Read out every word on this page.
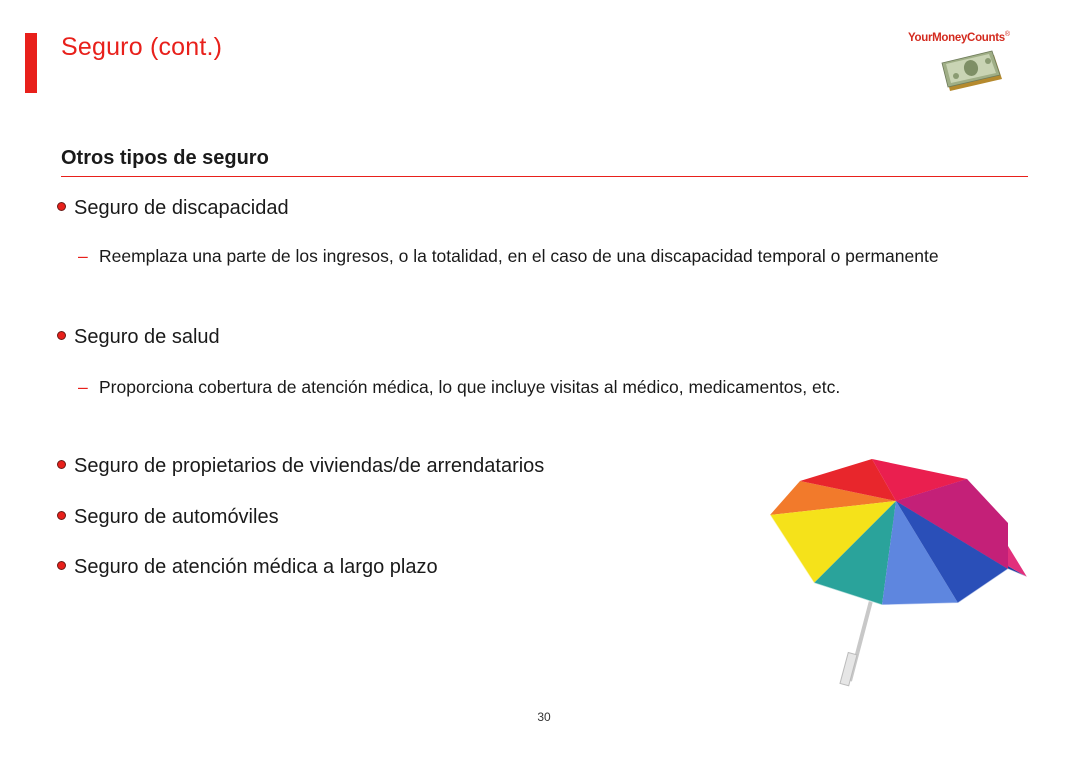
Seguro (cont.)	YourMoneyCounts®
Otros tipos de seguro
Seguro de discapacidad
– Reemplaza una parte de los ingresos, o la totalidad, en el caso de una discapacidad temporal o permanente
Seguro de salud
– Proporciona cobertura de atención médica, lo que incluye visitas al médico, medicamentos, etc.
Seguro de propietarios de viviendas/de arrendatarios
Seguro de automóviles
Seguro de atención médica a largo plazo
30
